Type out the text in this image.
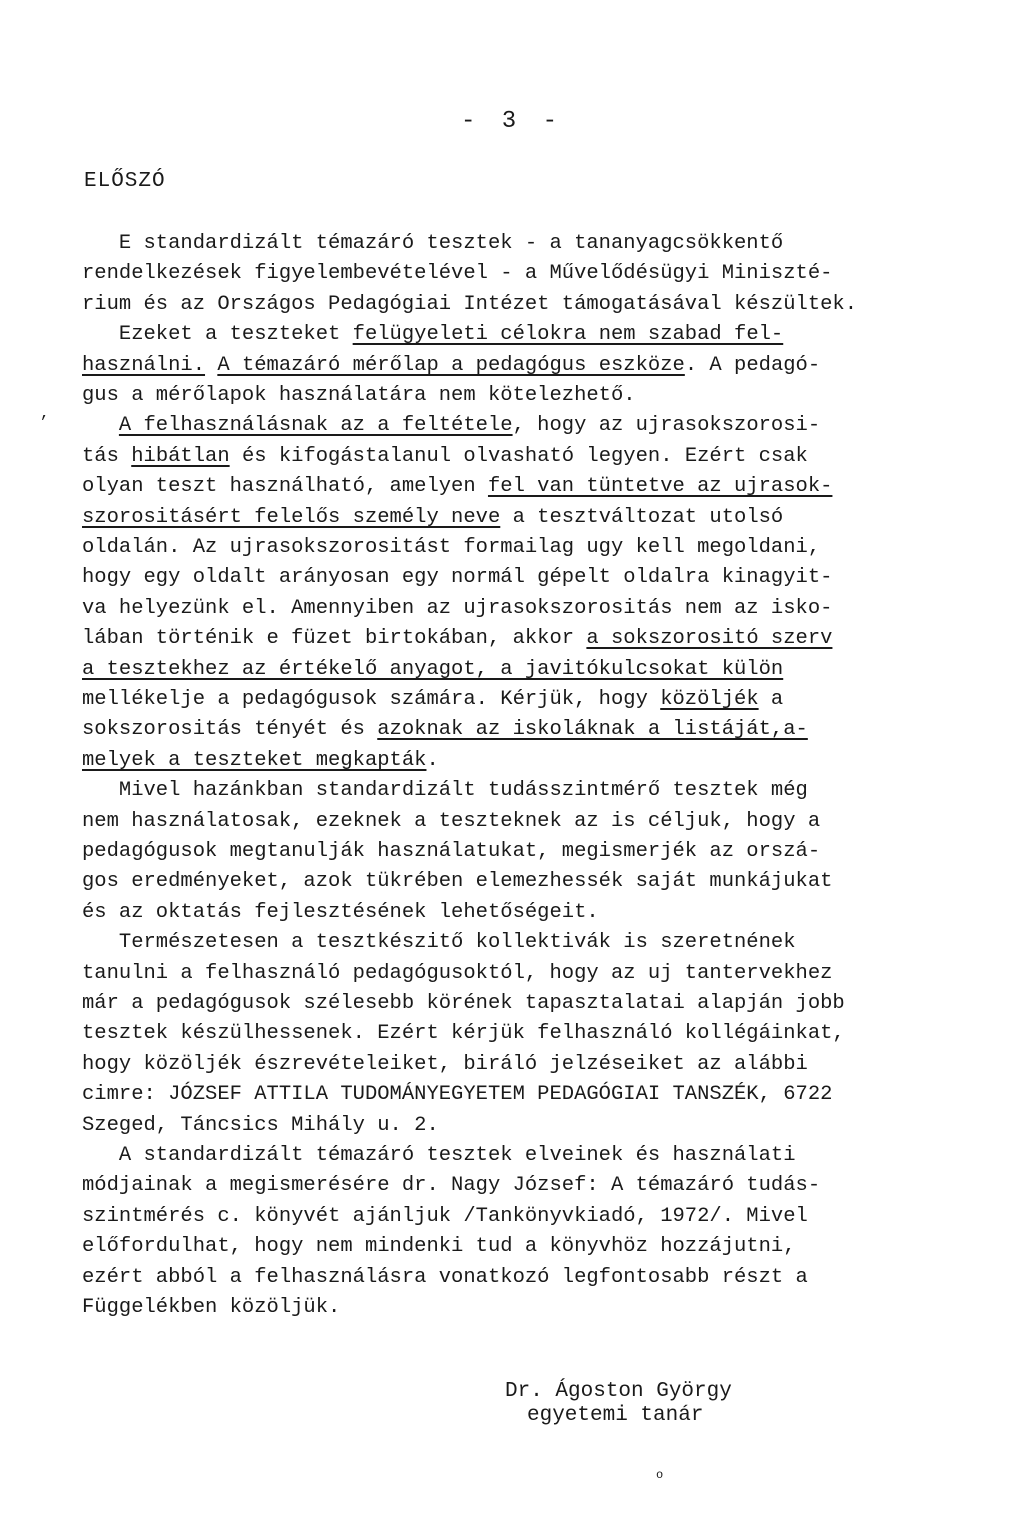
- 3 -
ELŐSZÓ
E standardizált témazáró tesztek - a tananyagcsökkentő
rendelkezések figyelembevételével - a Művelődésügyi Miniszté-
rium és az Országos Pedagógiai Intézet támogatásával készültek.
Ezeket a teszteket felügyeleti célokra nem szabad fel-
használni. A témazáró mérőlap a pedagógus eszköze. A pedagó-
gus a mérőlapok használatára nem kötelezhető.
A felhasználásnak az a feltétele, hogy az ujrasokszorosi-
tás hibátlan és kifogástalanul olvasható legyen. Ezért csak
olyan teszt használható, amelyen fel van tüntetve az ujrasok-
szorositásért felelős személy neve a tesztváltozat utolsó
oldalán. Az ujrasokszorositást formailag ugy kell megoldani,
hogy egy oldalt arányosan egy normál gépelt oldalra kinagyit-
va helyezünk el. Amennyiben az ujrasokszorositás nem az isko-
lában történik e füzet birtokában, akkor a sokszorositó szerv
a tesztekhez az értékelő anyagot, a javitókulcsokat külön
mellékelje a pedagógusok számára. Kérjük, hogy közöljék a
sokszorositás tényét és azoknak az iskoláknak a listáját,a-
melyek a teszteket megkapták.
Mivel hazánkban standardizált tudásszintmérő tesztek még
nem használatosak, ezeknek a teszteknek az is céljuk, hogy a
pedagógusok megtanulják használatukat, megismerjék az orszá-
gos eredményeket, azok tükrében elemezhessék saját munkájukat
és az oktatás fejlesztésének lehetőségeit.
Természetesen a tesztkészitő kollektivák is szeretnének
tanulni a felhasználó pedagógusoktól, hogy az uj tantervekhez
már a pedagógusok szélesebb körének tapasztalatai alapján jobb
tesztek készülhessenek. Ezért kérjük felhasználó kollégáinkat,
hogy közöljék észrevételeiket, biráló jelzéseiket az alábbi
cimre: JÓZSEF ATTILA TUDOMÁNYEGYETEM PEDAGÓGIAI TANSZÉK, 6722
Szeged, Táncsics Mihály u. 2.
A standardizált témazáró tesztek elveinek és használati
módjainak a megismerésére dr. Nagy József: A témazáró tudás-
szintmérés c. könyvét ajánljuk /Tankönyvkiadó, 1972/. Mivel
előfordulhat, hogy nem mindenki tud a könyvhöz hozzájutni,
ezért abból a felhasználásra vonatkozó legfontosabb részt a
Függelékben közöljük.
,
Dr. Ágoston György
egyetemi tanár
o
